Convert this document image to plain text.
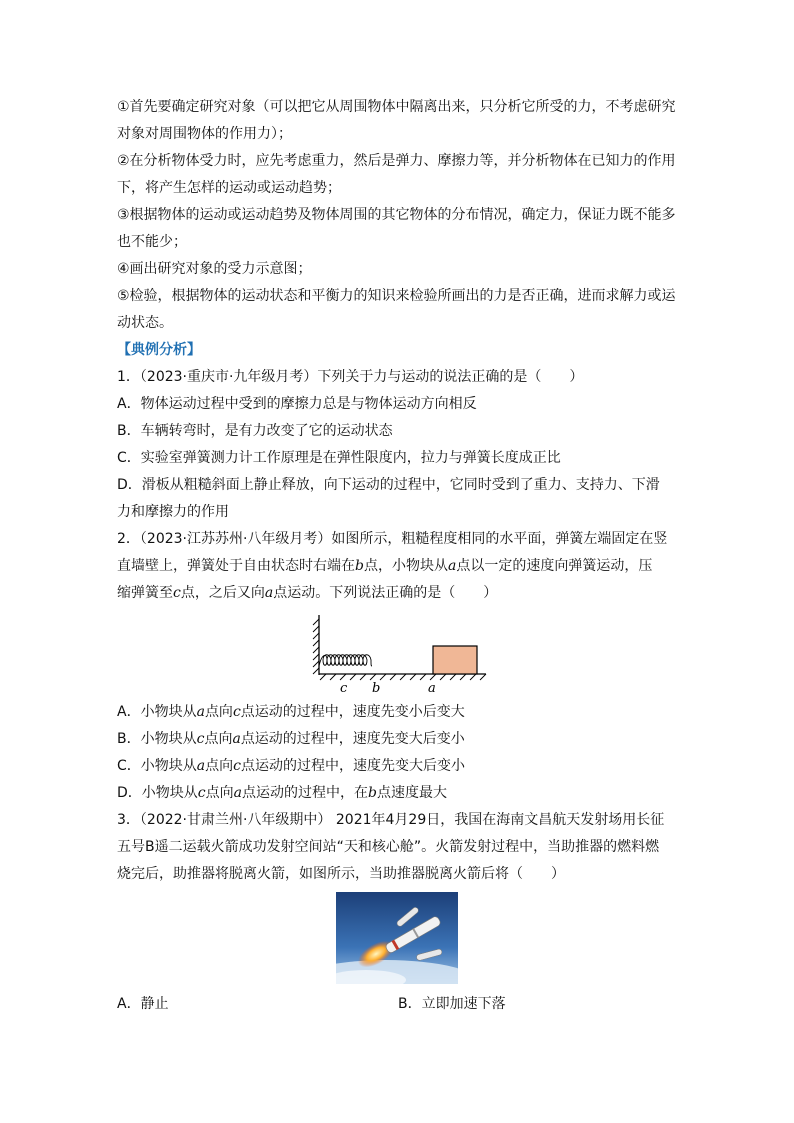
①首先要确定研究对象（可以把它从周围物体中隔离出来，只分析它所受的力，不考虑研究
对象对周围物体的作用力）；
②在分析物体受力时，应先考虑重力，然后是弹力、摩擦力等，并分析物体在已知力的作用
下，将产生怎样的运动或运动趋势；
③根据物体的运动或运动趋势及物体周围的其它物体的分布情况，确定力，保证力既不能多
也不能少；
④画出研究对象的受力示意图；
⑤检验，根据物体的运动状态和平衡力的知识来检验所画出的力是否正确，进而求解力或运
动状态。
【典例分析】
1．（2023·重庆市·九年级月考）下列关于力与运动的说法正确的是（　　）
A．物体运动过程中受到的摩擦力总是与物体运动方向相反
B．车辆转弯时，是有力改变了它的运动状态
C．实验室弹簧测力计工作原理是在弹性限度内，拉力与弹簧长度成正比
D．滑板从粗糙斜面上静止释放，向下运动的过程中，它同时受到了重力、支持力、下滑
力和摩擦力的作用
2．（2023·江苏苏州·八年级月考）如图所示，粗糙程度相同的水平面，弹簧左端固定在竖
直墙壁上，弹簧处于自由状态时右端在b点，小物块从a点以一定的速度向弹簧运动，压
缩弹簧至c点，之后又向a点运动。下列说法正确的是（　　）
c b	a
A．小物块从a点向c点运动的过程中，速度先变小后变大
B．小物块从c点向a点运动的过程中，速度先变大后变小
C．小物块从a点向c点运动的过程中，速度先变大后变小
D．小物块从c点向a点运动的过程中，在b点速度最大
3．（2022·甘肃兰州·八年级期中） 2021年4月29日，我国在海南文昌航天发射场用长征
五号B遥二运载火箭成功发射空间站“天和核心舱”。火箭发射过程中，当助推器的燃料燃
烧完后，助推器将脱离火箭，如图所示，当助推器脱离火箭后将（　　）
A．静止	B．立即加速下落
